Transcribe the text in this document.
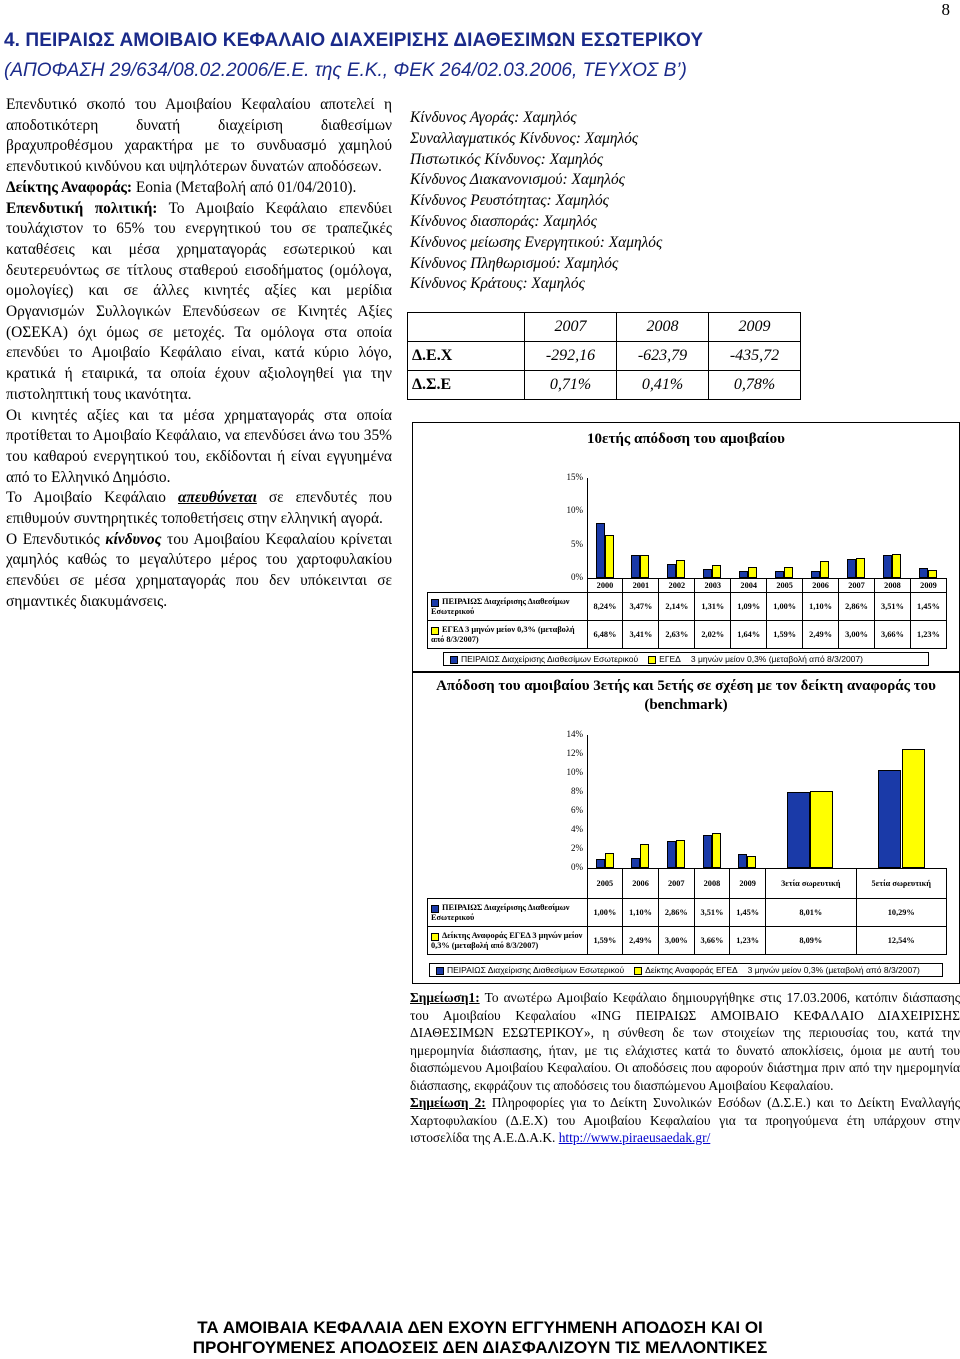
8
4. ΠΕΙΡΑΙΩΣ ΑΜΟΙΒΑΙΟ ΚΕΦΑΛΑΙΟ ΔΙΑΧΕΙΡΙΣΗΣ ΔΙΑΘΕΣΙΜΩΝ ΕΣΩΤΕΡΙΚΟΥ
(ΑΠΟΦΑΣΗ 29/634/08.02.2006/Ε.Ε. της Ε.Κ., ΦΕΚ 264/02.03.2006, ΤΕΥΧΟΣ Β’)

Επενδυτικό σκοπό του Αμοιβαίου Κεφαλαίου αποτελεί η αποδοτικότερη δυνατή διαχείριση διαθεσίμων βραχυπροθέσμου χαρακτήρα με το συνδυασμό χαμηλού επενδυτικού κινδύνου και υψηλότερων δυνατών αποδόσεων.

Δείκτης Αναφοράς: Eonia (Μεταβολή από 01/04/2010).

Επενδυτική πολιτική: Το Αμοιβαίο Κεφάλαιο επενδύει τουλάχιστον το 65% του ενεργητικού του σε τραπεζικές καταθέσεις και μέσα χρηματαγοράς εσωτερικού και δευτερευόντως σε τίτλους σταθερού εισοδήματος (ομόλογα, ομολογίες) και σε άλλες κινητές αξίες και μερίδια Οργανισμών Συλλογικών Επενδύσεων σε Κινητές Αξίες (ΟΣΕΚΑ) όχι όμως σε μετοχές. Τα ομόλογα στα οποία επενδύει το Αμοιβαίο Κεφάλαιο είναι, κατά κύριο λόγο, κρατικά ή εταιρικά, τα οποία έχουν αξιολογηθεί για την πιστοληπτική τους ικανότητα.

Οι κινητές αξίες και τα μέσα χρηματαγοράς στα οποία προτίθεται το Αμοιβαίο Κεφάλαιο, να επενδύσει άνω του 35% του καθαρού ενεργητικού του, εκδίδονται ή είναι εγγυημένα από το Ελληνικό Δημόσιο.

Το Αμοιβαίο Κεφάλαιο απευθύνεται σε επενδυτές που επιθυμούν συντηρητικές τοποθετήσεις στην ελληνική αγορά.

Ο Επενδυτικός κίνδυνος του Αμοιβαίου Κεφαλαίου κρίνεται χαμηλός καθώς το μεγαλύτερο μέρος του χαρτοφυλακίου επενδύει σε μέσα χρηματαγοράς που δεν υπόκεινται σε σημαντικές διακυμάνσεις.

Κίνδυνος Αγοράς: Χαμηλός
Συναλλαγματικός Κίνδυνος: Χαμηλός
Πιστωτικός Κίνδυνος: Χαμηλός
Κίνδυνος Διακανονισμού: Χαμηλός
Κίνδυνος Ρευστότητας: Χαμηλός
Κίνδυνος διασποράς: Χαμηλός
Κίνδυνος μείωσης Ενεργητικού: Χαμηλός
Κίνδυνος Πληθωρισμού: Χαμηλός
Κίνδυνος Κράτους: Χαμηλός
	2007	2008	2009
Δ.Ε.Χ	-292,16	-623,79	-435,72
Δ.Σ.Ε	0,71%	0,41%	0,78%
10ετής απόδοση του αμοιβαίου
	2000	2001	2002	2003	2004	2005	2006	2007	2008	2009
ΠΕΙΡΑΙΩΣ Διαχείρισης Διαθεσίμων Εσωτερικού	8,24%	3,47%	2,14%	1,31%	1,09%	1,00%	1,10%	2,86%	3,51%	1,45%
ΕΓΕΔ 3 μηνών μείον 0,3% (μεταβολή από 8/3/2007)	6,48%	3,41%	2,63%	2,02%	1,64%	1,59%	2,49%	3,00%	3,66%	1,23%
ΠΕΙΡΑΙΩΣ Διαχείρισης Διαθεσίμων Εσωτερικού	ΕΓΕΔ 3 μηνών μείον 0,3% (μεταβολή από 8/3/2007)
0%
5%
10%
15%
Απόδοση του αμοιβαίου 3ετής και 5ετής σε σχέση με τον δείκτη αναφοράς του (benchmark)
	2005	2006	2007	2008	2009	3ετία σωρευτική	5ετία σωρευτική
ΠΕΙΡΑΙΩΣ Διαχείρισης Διαθεσίμων Εσωτερικού	1,00%	1,10%	2,86%	3,51%	1,45%	8,01%	10,29%
Δείκτης Αναφοράς ΕΓΕΔ 3 μηνών μείον 0,3% (μεταβολή από 8/3/2007)	1,59%	2,49%	3,00%	3,66%	1,23%	8,09%	12,54%
ΠΕΙΡΑΙΩΣ Διαχείρισης Διαθεσίμων Εσωτερικού	Δείκτης Αναφοράς ΕΓΕΔ 3 μηνών μείον 0,3% (μεταβολή από 8/3/2007)
0%
2%
4%
6%
8%
10%
12%
14%

Σημείωση1: Το ανωτέρω Αμοιβαίο Κεφάλαιο δημιουργήθηκε στις 17.03.2006, κατόπιν διάσπασης του Αμοιβαίου Κεφαλαίου «ING ΠΕΙΡΑΙΩΣ ΑΜΟΙΒΑΙΟ ΚΕΦΑΛΑΙΟ ΔΙΑΧΕΙΡΙΣΗΣ ΔΙΑΘΕΣΙΜΩΝ ΕΣΩΤΕΡΙΚΟΥ», η σύνθεση δε των στοιχείων της περιουσίας του, κατά την ημερομηνία διάσπασης, ήταν, με τις ελάχιστες κατά το δυνατό αποκλίσεις, όμοια με αυτή του διασπώμενου Αμοιβαίου Κεφαλαίου. Οι αποδόσεις που αφορούν διάστημα πριν από την ημερομηνία διάσπασης, εκφράζουν τις αποδόσεις του διασπώμενου Αμοιβαίου Κεφαλαίου.

Σημείωση 2: Πληροφορίες για το Δείκτη Συνολικών Εσόδων (Δ.Σ.Ε.) και το Δείκτη Εναλλαγής Χαρτοφυλακίου (Δ.Ε.Χ) του Αμοιβαίου Κεφαλαίου για τα προηγούμενα έτη υπάρχουν στην ιστοσελίδα της Α.Ε.Δ.Α.Κ. http://www.piraeusaedak.gr/

ΤΑ ΑΜΟΙΒΑΙΑ ΚΕΦΑΛΑΙΑ ΔΕΝ ΕΧΟΥΝ ΕΓΓΥΗΜΕΝΗ ΑΠΟΔΟΣΗ ΚΑΙ ΟΙ
ΠΡΟΗΓΟΥΜΕΝΕΣ ΑΠΟΔΟΣΕΙΣ ΔΕΝ ΔΙΑΣΦΑΛΙΖΟΥΝ ΤΙΣ ΜΕΛΛΟΝΤΙΚΕΣ
